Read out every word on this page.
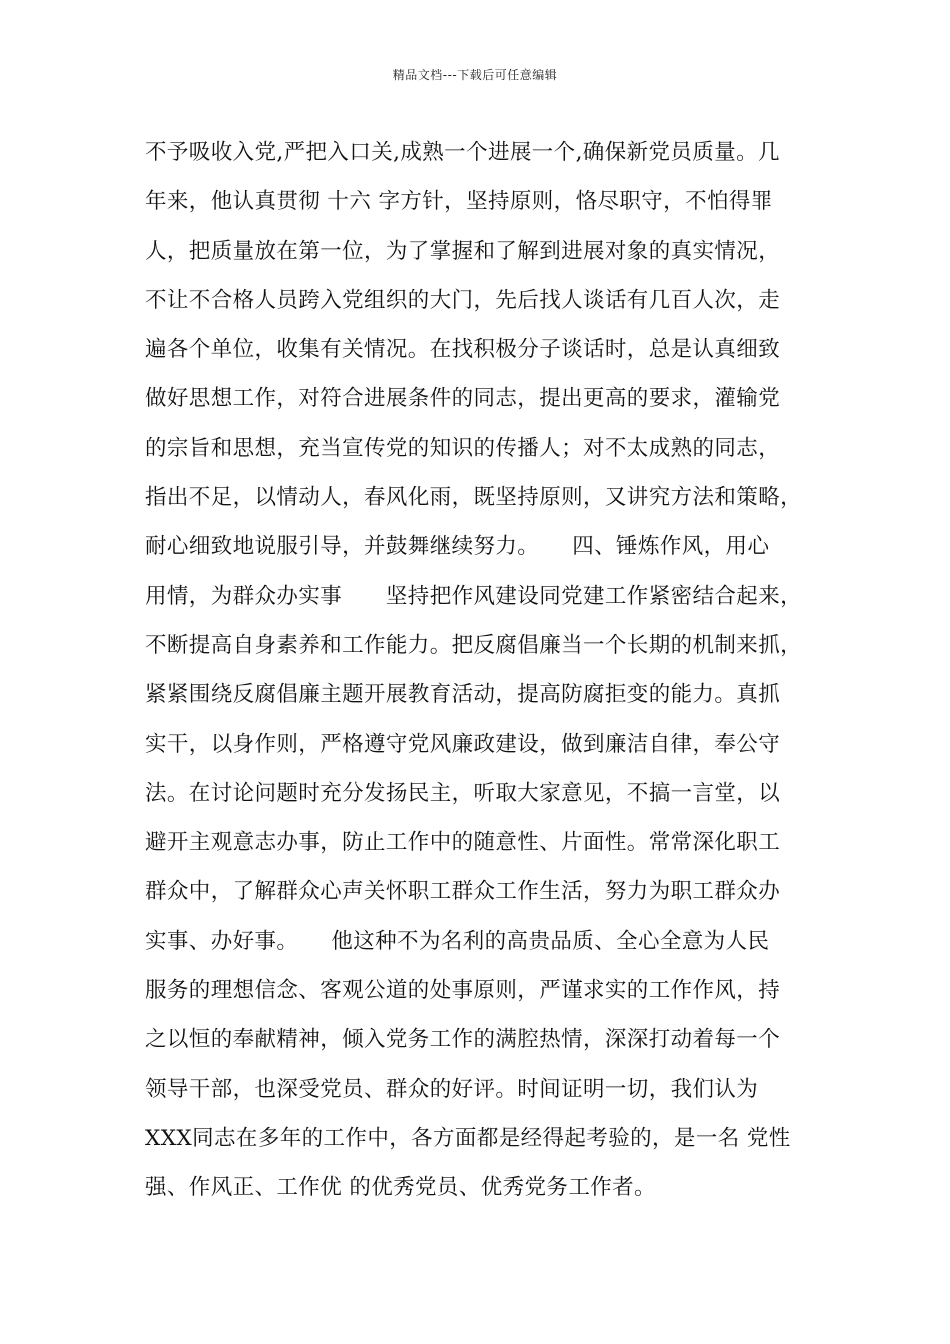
精品文档---下载后可任意编辑
不予吸收入党,严把入口关,成熟一个进展一个,确保新党员质量。几
年来，他认真贯彻 十六 字方针，坚持原则，恪尽职守，不怕得罪
人，把质量放在第一位，为了掌握和了解到进展对象的真实情况，
不让不合格人员跨入党组织的大门，先后找人谈话有几百人次，走
遍各个单位，收集有关情况。在找积极分子谈话时，总是认真细致
做好思想工作，对符合进展条件的同志，提出更高的要求，灌输党
的宗旨和思想，充当宣传党的知识的传播人；对不太成熟的同志，
指出不足，以情动人，春风化雨，既坚持原则，又讲究方法和策略，
耐心细致地说服引导，并鼓舞继续努力。　　四、锤炼作风，用心
用情，为群众办实事　　坚持把作风建设同党建工作紧密结合起来，
不断提高自身素养和工作能力。把反腐倡廉当一个长期的机制来抓，
紧紧围绕反腐倡廉主题开展教育活动，提高防腐拒变的能力。真抓
实干，以身作则，严格遵守党风廉政建设，做到廉洁自律，奉公守
法。在讨论问题时充分发扬民主，听取大家意见，不搞一言堂，以
避开主观意志办事，防止工作中的随意性、片面性。常常深化职工
群众中，了解群众心声关怀职工群众工作生活，努力为职工群众办
实事、办好事。　　他这种不为名利的高贵品质、全心全意为人民
服务的理想信念、客观公道的处事原则，严谨求实的工作作风，持
之以恒的奉献精神，倾入党务工作的满腔热情，深深打动着每一个
领导干部，也深受党员、群众的好评。时间证明一切，我们认为
XXX同志在多年的工作中，各方面都是经得起考验的，是一名 党性
强、作风正、工作优 的优秀党员、优秀党务工作者。
